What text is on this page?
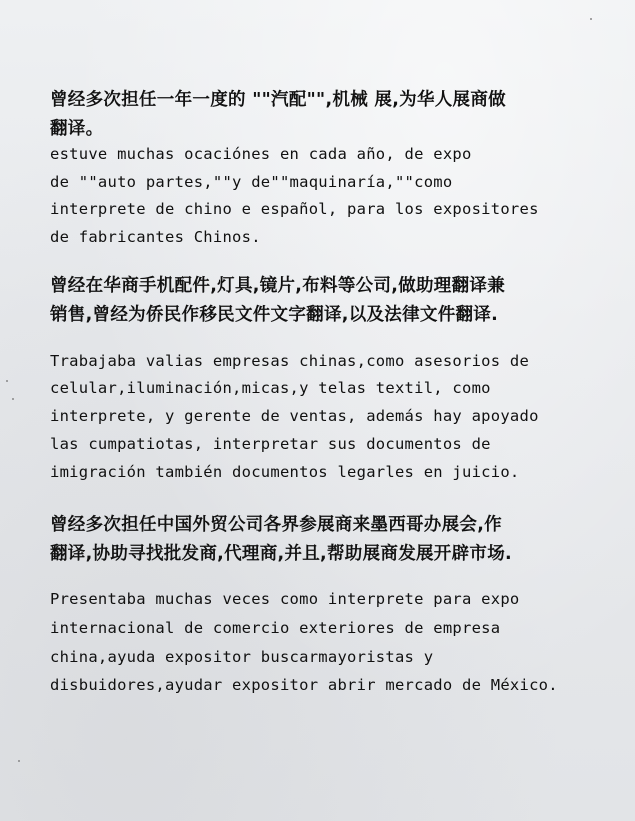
曾经多次担任一年一度的 ""汽配"",机械 展,为华人展商做
翻译。
estuve muchas ocaciónes en cada año, de expo
de ""auto partes,""y de""maquinaría,""como
interprete de chino e español, para los expositores
de fabricantes Chinos.
曾经在华商手机配件,灯具,镜片,布料等公司,做助理翻译兼
销售,曾经为侨民作移民文件文字翻译,以及法律文件翻译.
Trabajaba valias empresas chinas,como asesorios de
celular,iluminación,micas,y telas textil, como
interprete, y gerente de ventas, además hay apoyado
las cumpatiotas, interpretar sus documentos de
imigración también documentos legarles en juicio.
曾经多次担任中国外贸公司各界参展商来墨西哥办展会,作
翻译,协助寻找批发商,代理商,并且,帮助展商发展开辟市场.
Presentaba muchas veces como interprete para expo
internacional de comercio exteriores de empresa
china,ayuda expositor buscarmayoristas y
disbuidores,ayudar expositor abrir mercado de México.
